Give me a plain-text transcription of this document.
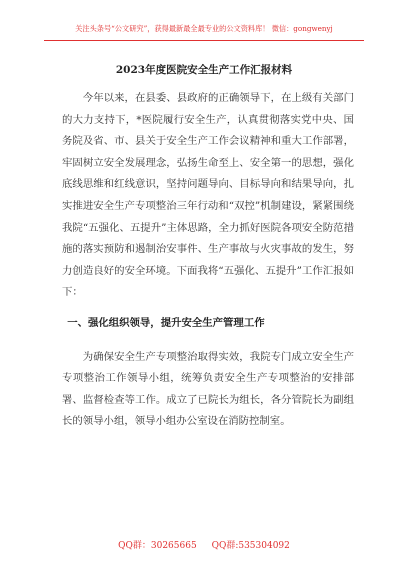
关注头条号“公文研究”，获得最新最全最专业的公文资料库！ 微信：gongwenyj
2023年度医院安全生产工作汇报材料

今年以来，在县委、县政府的正确领导下，在上级有关部门的大力支持下，*医院履行安全生产，认真贯彻落实党中央、国务院及省、市、县关于安全生产工作会议精神和重大工作部署，牢固树立安全发展理念，弘扬生命至上、安全第一的思想，强化底线思维和红线意识，坚持问题导向、目标导向和结果导向，扎实推进安全生产专项整治三年行动和“双控”机制建设，紧紧围绕我院“五强化、五提升”主体思路，全力抓好医院各项安全防范措施的落实预防和遏制治安事件、生产事故与火灾事故的发生，努力创造良好的安全环境。下面我将“五强化、五提升”工作汇报如下：

一、强化组织领导，提升安全生产管理工作

为确保安全生产专项整治取得实效，我院专门成立安全生产专项整治工作领导小组，统筹负责安全生产专项整治的安排部署、监督检查等工作。成立了已院长为组长，各分管院长为副组长的领导小组，领导小组办公室设在消防控制室。

QQ群：30265665 QQ群:535304092
